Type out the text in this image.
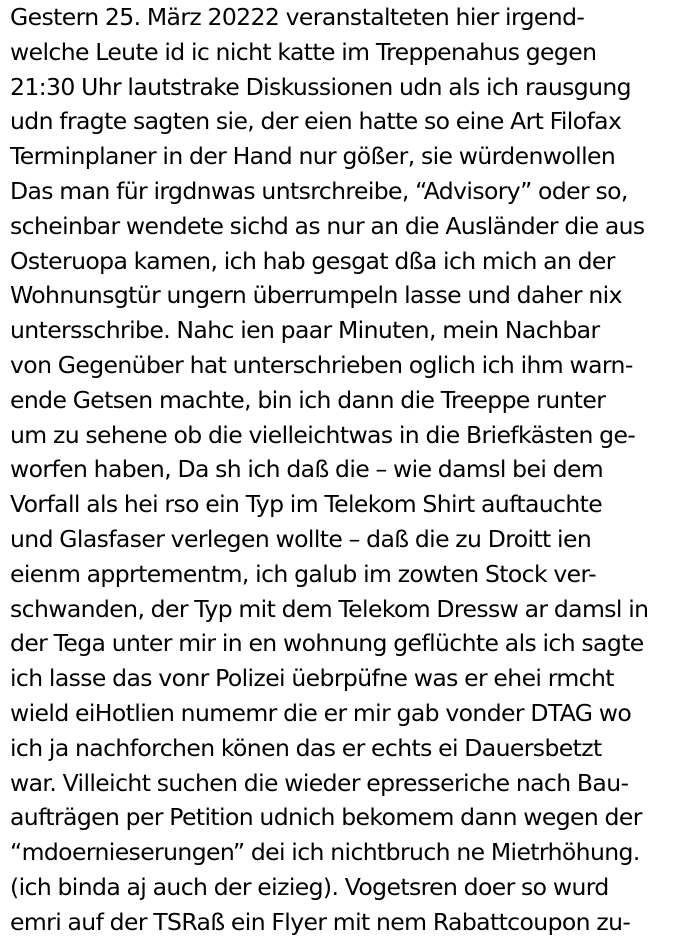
Gestern 25. März 20222 veranstalteten hier irgend-
welche Leute id ic nicht katte im Treppenahus gegen
21:30 Uhr lautstrake Diskussionen udn als ich rausgung
udn fragte sagten sie, der eien hatte so eine Art Filofax
Terminplaner in der Hand nur gößer, sie würdenwollen
Das man für irgdnwas untsrchreibe, “Advisory” oder so,
scheinbar wendete sichd as nur an die Ausländer die aus
Osteruopa kamen, ich hab gesgat dßa ich mich an der
Wohnunsgtür ungern überrumpeln lasse und daher nix
untersschribe. Nahc ien paar Minuten, mein Nachbar
von Gegenüber hat unterschrieben oglich ich ihm warn-
ende Getsen machte, bin ich dann die Treeppe runter
um zu sehene ob die vielleichtwas in die Briefkästen ge-
worfen haben, Da sh ich daß die – wie damsl bei dem
Vorfall als hei rso ein Typ im Telekom Shirt auftauchte
und Glasfaser verlegen wollte – daß die zu Droitt ien
eienm apprtementm, ich galub im zowten Stock ver-
schwanden, der Typ mit dem Telekom Dressw ar damsl in
der Tega unter mir in en wohnung geflüchte als ich sagte
ich lasse das vonr Polizei üebrpüfne was er ehei rmcht
wield eiHotlien numemr die er mir gab vonder DTAG wo
ich ja nachforchen könen das er echts ei Dauersbetzt
war. Villeicht suchen die wieder epresseriche nach Bau-
aufträgen per Petition udnich bekomem dann wegen der
“mdoernieserungen” dei ich nichtbruch ne Mietrhöhung.
(ich binda aj auch der eizieg). Vogetsren doer so wurd
emri auf der TSRaß ein Flyer mit nem Rabattcoupon zu-
